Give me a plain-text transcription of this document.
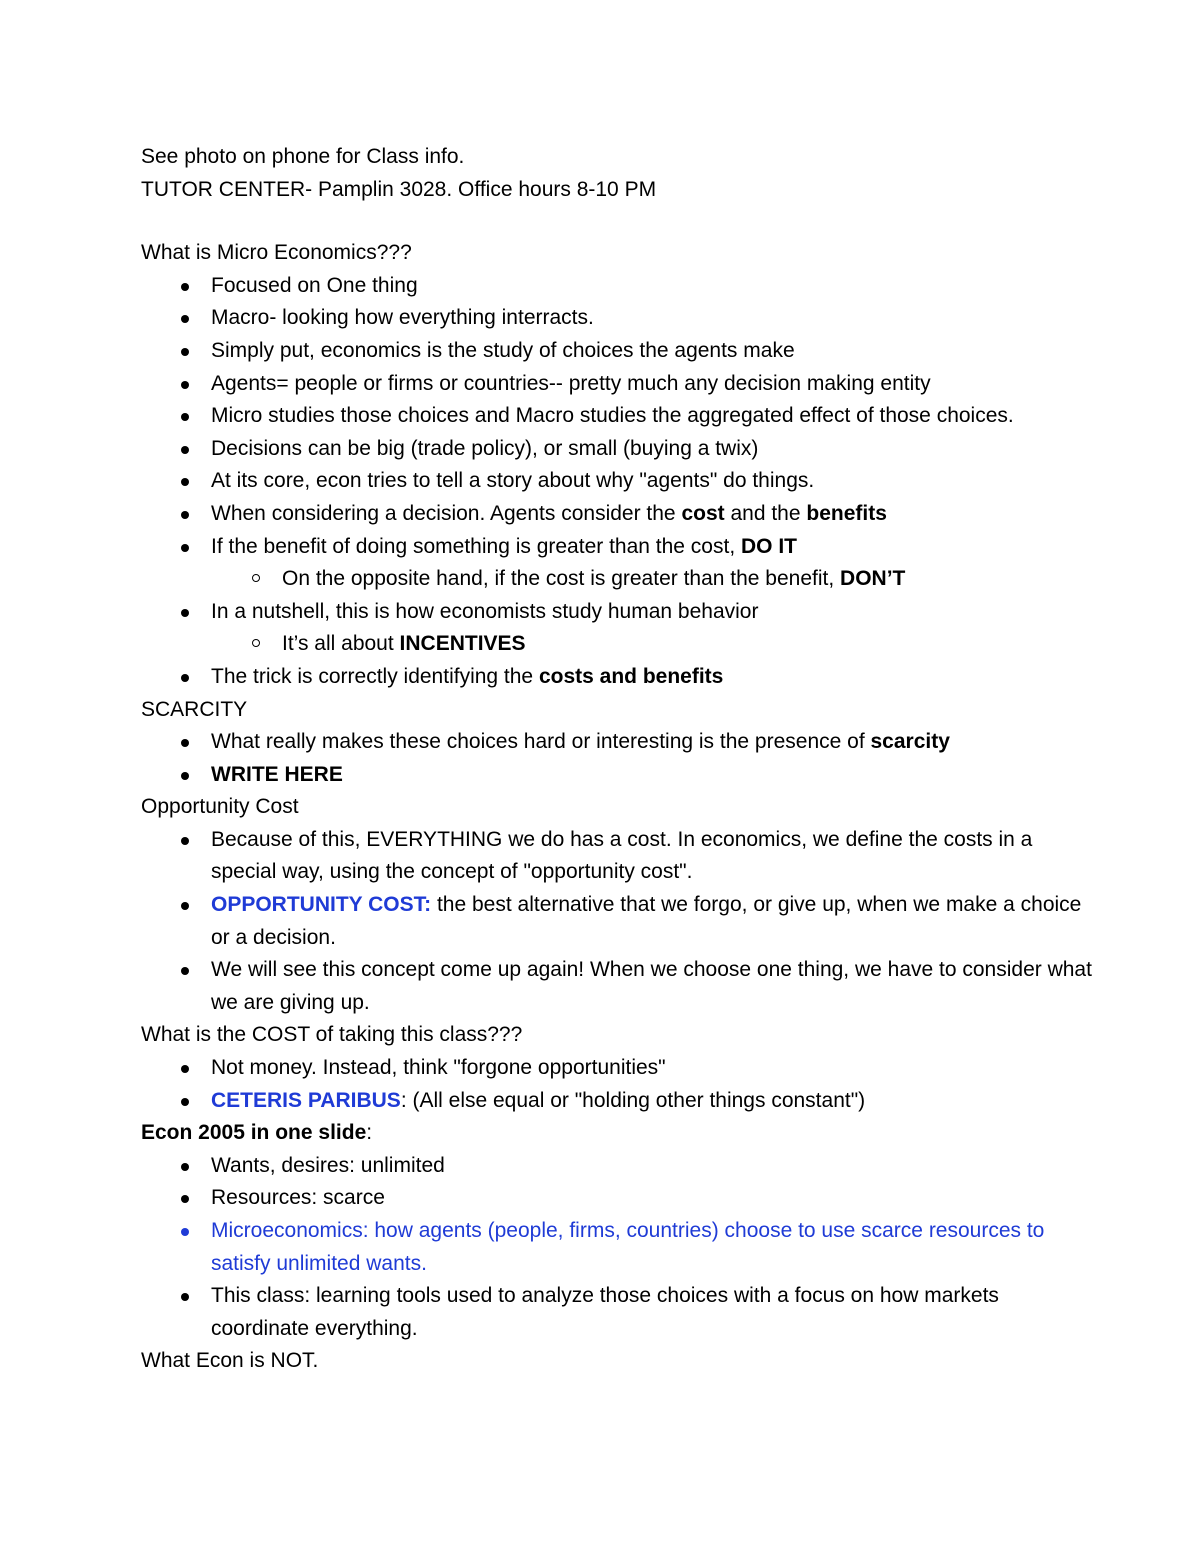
See photo on phone for Class info.

TUTOR CENTER- Pamplin 3028. Office hours 8-10 PM

What is Micro Economics???

Focused on One thing
Macro- looking how everything interracts.
Simply put, economics is the study of choices the agents make
Agents= people or firms or countries-- pretty much any decision making entity
Micro studies those choices and Macro studies the aggregated effect of those choices.
Decisions can be big (trade policy), or small (buying a twix)
At its core, econ tries to tell a story about why "agents" do things.
When considering a decision. Agents consider the cost and the benefits
If the benefit of doing something is greater than the cost, DO IT
On the opposite hand, if the cost is greater than the benefit, DON’T
In a nutshell, this is how economists study human behavior
It’s all about INCENTIVES
The trick is correctly identifying the costs and benefits

SCARCITY

What really makes these choices hard or interesting is the presence of scarcity
WRITE HERE

Opportunity Cost

Because of this, EVERYTHING we do has a cost. In economics, we define the costs in a special way, using the concept of "opportunity cost".
OPPORTUNITY COST: the best alternative that we forgo, or give up, when we make a choice or a decision.
We will see this concept come up again! When we choose one thing, we have to consider what we are giving up.

What is the COST of taking this class???

Not money. Instead, think "forgone opportunities"
CETERIS PARIBUS: (All else equal or "holding other things constant")

Econ 2005 in one slide:

Wants, desires: unlimited
Resources: scarce
Microeconomics: how agents (people, firms, countries) choose to use scarce resources to satisfy unlimited wants.
This class: learning tools used to analyze those choices with a focus on how markets coordinate everything.

What Econ is NOT.
